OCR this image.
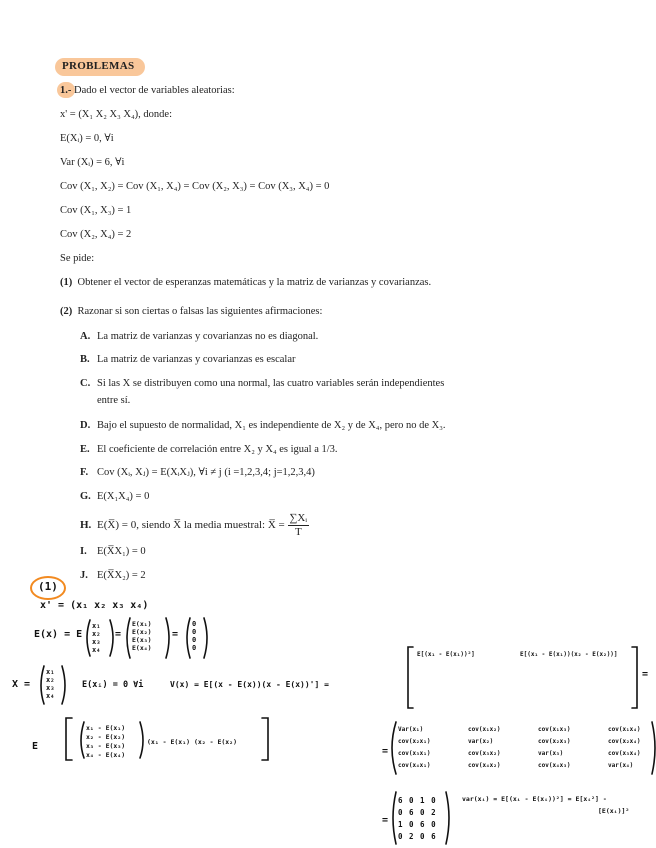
PROBLEMAS
1.- Dado el vector de variables aleatorias:
x' = (X₁ X₂ X₃ X₄), donde:
E(Xᵢ) = 0, ∀i
Var (Xᵢ) = 6, ∀i
Cov (X₁, X₂) = Cov (X₁, X₄) = Cov (X₂, X₃) = Cov (X₃, X₄) = 0
Cov (X₁, X₃) = 1
Cov (X₂, X₄) = 2
Se pide:
(1) Obtener el vector de esperanzas matemáticas y la matriz de varianzas y covarianzas.
(2) Razonar si son ciertas o falsas las siguientes afirmaciones:
A. La matriz de varianzas y covarianzas no es diagonal.
B. La matriz de varianzas y covarianzas es escalar
C. Si las X se distribuyen como una normal, las cuatro variables serán independientes
entre sí.
D. Bajo el supuesto de normalidad, X₁ es independiente de X₂ y de X₄, pero no de X₃.
E. El coeficiente de correlación entre X₂ y X₄ es igual a 1/3.
F. Cov (Xᵢ, Xⱼ) = E(XᵢXⱼ), ∀i ≠ j (i =1,2,3,4; j=1,2,3,4)
G. E(X₁X₄) = 0
H. E(X̅) = 0, siendo X̅ la media muestral: X̅ = $\frac{\text{∑Xᵢ}}{T}$
I. E(X̅X₁) = 0
J. E(X̅X₂) = 2
(1)
x' = (x₁ x₂ x₃ x₄)
E(x) = E
x₁
x₂
x₃
x₄
=
E(x₁)
E(x₂)
E(x₃)
E(x₄)
=
0
0
0
0
X =
x₁
x₂
x₃
x₄
E(xᵢ) = 0 ∀i	V(x) = E[(x - E(x))(x - E(x))'] =
E[(x₁ - E(x₁))²]	E[(x₁ - E(x₁))(x₂ - E(x₂))]
=
E
x₁ - E(x₁)
x₂ - E(x₂)
x₃ - E(x₃)
x₄ - E(x₄)
(x₁ - E(x₁) (x₂ - E(x₂)
=
Var(x₁)	cov(x₁x₂)	cov(x₁x₃)	cov(x₁x₄)
cov(x₂x₁)	var(x₂)	cov(x₂x₃)	cov(x₂x₄)
cov(x₃x₁)	cov(x₃x₂)	var(x₃)	cov(x₃x₄)
cov(x₄x₁)	cov(x₄x₂)	cov(x₄x₃)	var(x₄)
=
6 0 1 0
0 6 0 2
1 0 6 0
0 2 0 6
var(xᵢ) = E[(xᵢ - E(xᵢ))²] = E[xᵢ²] -
[E(xᵢ)]²
